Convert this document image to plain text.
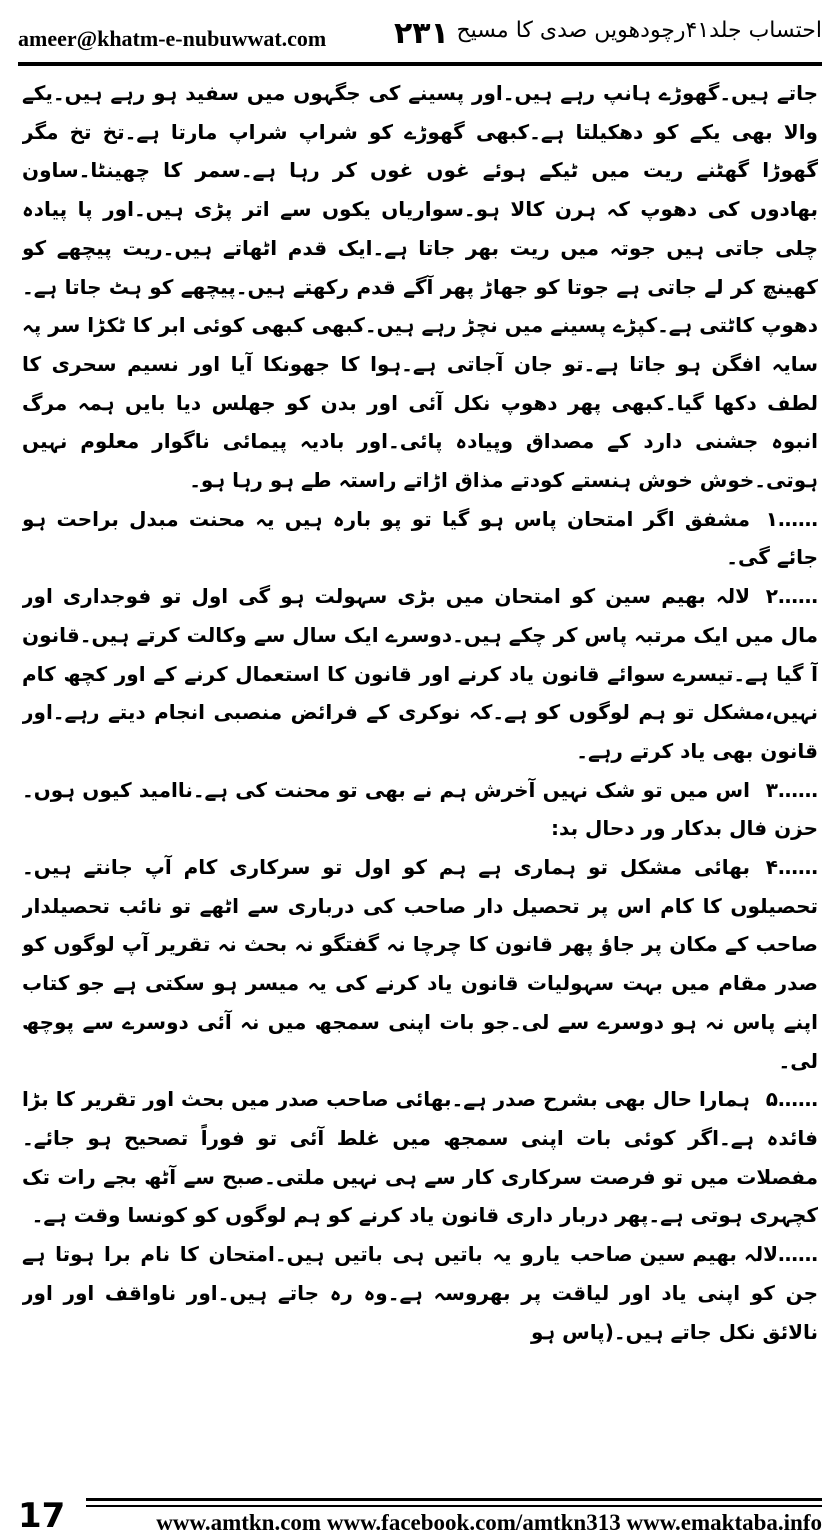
ameer@khatm-e-nubuwwat.com ۲۳۱ احتساب جلد۴۱رچودھویں صدی کا مسیح

جاتے ہیں۔گھوڑے ہانپ رہے ہیں۔اور پسینے کی جگہوں میں سفید ہو رہے ہیں۔یکے والا بھی یکے کو دھکیلتا ہے۔کبھی گھوڑے کو شراپ شراپ مارتا ہے۔تخ تخ مگر گھوڑا گھٹنے ریت میں ٹیکے ہوئے غوں غوں کر رہا ہے۔سمر کا چھینٹا۔ساون بھادوں کی دھوپ کہ ہرن کالا ہو۔سواریاں یکوں سے اتر پڑی ہیں۔اور پا پیادہ چلی جاتی ہیں جوتہ میں ریت بھر جاتا ہے۔ایک قدم اٹھاتے ہیں۔ریت پیچھے کو کھینچ کر لے جاتی ہے جوتا کو جھاڑ پھر آگے قدم رکھتے ہیں۔پیچھے کو ہٹ جاتا ہے۔دھوپ کاٹتی ہے۔کپڑے پسینے میں نچڑ رہے ہیں۔کبھی کبھی کوئی ابر کا ٹکڑا سر پہ سایہ افگن ہو جاتا ہے۔تو جان آجاتی ہے۔ہوا کا جھونکا آیا اور نسیم سحری کا لطف دکھا گیا۔کبھی پھر دھوپ نکل آئی اور بدن کو جھلس دیا بایں ہمہ مرگ انبوہ جشنی دارد کے مصداق وپیادہ پائی۔اور بادیہ پیمائی ناگوار معلوم نہیں ہوتی۔خوش خوش ہنستے کودتے مذاق اڑاتے راستہ طے ہو رہا ہو۔

۱……مشفق اگر امتحان پاس ہو گیا تو پو بارہ ہیں یہ محنت مبدل براحت ہو جائے گی۔

۲……لالہ بھیم سین کو امتحان میں بڑی سہولت ہو گی اول تو فوجداری اور مال میں ایک مرتبہ پاس کر چکے ہیں۔دوسرے ایک سال سے وکالت کرتے ہیں۔قانون آ گیا ہے۔تیسرے سوائے قانون یاد کرنے اور قانون کا استعمال کرنے کے اور کچھ کام نہیں،مشکل تو ہم لوگوں کو ہے۔کہ نوکری کے فرائض منصبی انجام دیتے رہے۔اور قانون بھی یاد کرتے رہے۔

۳……اس میں تو شک نہیں آخرش ہم نے بھی تو محنت کی ہے۔ناامید کیوں ہوں۔حزن فال بدکار ور دحال بد:

۴……بھائی مشکل تو ہماری ہے ہم کو اول تو سرکاری کام آپ جانتے ہیں۔تحصیلوں کا کام اس پر تحصیل دار صاحب کی درباری سے اٹھے تو نائب تحصیلدار صاحب کے مکان پر جاؤ پھر قانون کا چرچا نہ گفتگو نہ بحث نہ تقریر آپ لوگوں کو صدر مقام میں بہت سہولیات قانون یاد کرنے کی یہ میسر ہو سکتی ہے جو کتاب اپنے پاس نہ ہو دوسرے سے لی۔جو بات اپنی سمجھ میں نہ آئی دوسرے سے پوچھ لی۔

۵……ہمارا حال بھی بشرح صدر ہے۔بھائی صاحب صدر میں بحث اور تقریر کا بڑا فائدہ ہے۔اگر کوئی بات اپنی سمجھ میں غلط آئی تو فوراً تصحیح ہو جائے۔مفصلات میں تو فرصت سرکاری کار سے ہی نہیں ملتی۔صبح سے آٹھ بجے رات تک کچہری ہوتی ہے۔پھر دربار داری قانون یاد کرنے کو ہم لوگوں کو کونسا وقت ہے۔

لالہ بھیم سین صاحب……یارو یہ باتیں ہی باتیں ہیں۔امتحان کا نام برا ہوتا ہے جن کو اپنی یاد اور لیاقت پر بھروسہ ہے۔وہ رہ جاتے ہیں۔اور ناواقف اور اور نالائق نکل جاتے ہیں۔(پاس ہو

17	www.amtkn.com www.facebook.com/amtkn313 www.emaktaba.info
